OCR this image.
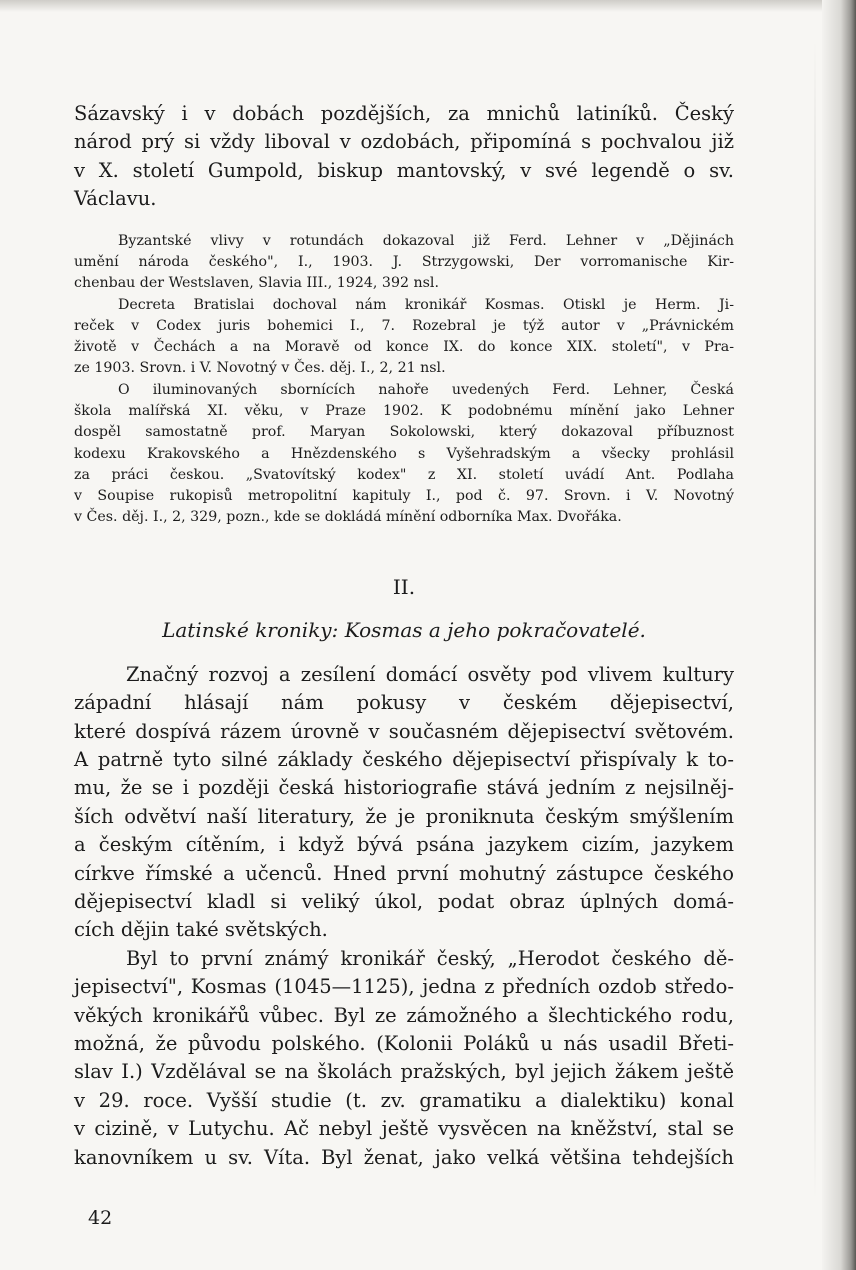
Sázavský i v dobách pozdějších, za mnichů latiníků. Český
národ prý si vždy liboval v ozdobách, připomíná s pochvalou již
v X. století Gumpold, biskup mantovský, v své legendě o sv.
Václavu.
Byzantské vlivy v rotundách dokazoval již Ferd. Lehner v „Dějinách
umění národa českého", I., 1903. J. Strzygowski, Der vorromanische Kir-
chenbau der Westslaven, Slavia III., 1924, 392 nsl.
Decreta Bratislai dochoval nám kronikář Kosmas. Otiskl je Herm. Ji-
reček v Codex juris bohemici I., 7. Rozebral je týž autor v „Právnickém
životě v Čechách a na Moravě od konce IX. do konce XIX. století", v Pra-
ze 1903. Srovn. i V. Novotný v Čes. děj. I., 2, 21 nsl.
O iluminovaných sbornících nahoře uvedených Ferd. Lehner, Česká
škola malířská XI. věku, v Praze 1902. K podobnému mínění jako Lehner
dospěl samostatně prof. Maryan Sokolowski, který dokazoval příbuznost
kodexu Krakovského a Hnězdenského s Vyšehradským a všecky prohlásil
za práci českou. „Svatovítský kodex" z XI. století uvádí Ant. Podlaha
v Soupise rukopisů metropolitní kapituly I., pod č. 97. Srovn. i V. Novotný
v Čes. děj. I., 2, 329, pozn., kde se dokládá mínění odborníka Max. Dvořáka.
II.
Latinské kroniky: Kosmas a jeho pokračovatelé.
Značný rozvoj a zesílení domácí osvěty pod vlivem kultury
západní hlásají nám pokusy v českém dějepisectví,
které dospívá rázem úrovně v současném dějepisectví světovém.
A patrně tyto silné základy českého dějepisectví přispívaly k to-
mu, že se i později česká historiografie stává jedním z nejsilněj-
ších odvětví naší literatury, že je proniknuta českým smýšlením
a českým cítěním, i když bývá psána jazykem cizím, jazykem
církve římské a učenců. Hned první mohutný zástupce českého
dějepisectví kladl si veliký úkol, podat obraz úplných domá-
cích dějin také světských.
Byl to první známý kronikář český, „Herodot českého dě-
jepisectví", Kosmas (1045—1125), jedna z předních ozdob středo-
věkých kronikářů vůbec. Byl ze zámožného a šlechtického rodu,
možná, že původu polského. (Kolonii Poláků u nás usadil Břeti-
slav I.) Vzdělával se na školách pražských, byl jejich žákem ještě
v 29. roce. Vyšší studie (t. zv. gramatiku a dialektiku) konal
v cizině, v Lutychu. Ač nebyl ještě vysvěcen na kněžství, stal se
kanovníkem u sv. Víta. Byl ženat, jako velká většina tehdejších
42
